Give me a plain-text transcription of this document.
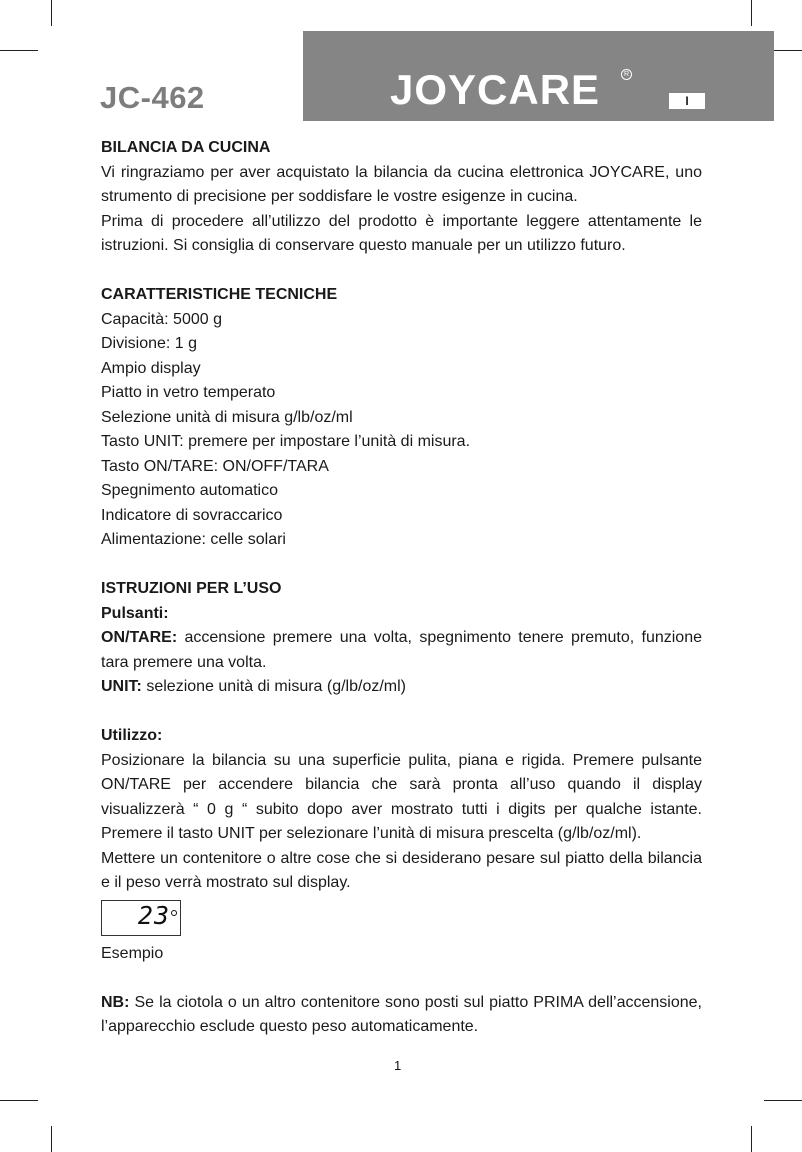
JC-462	JOYCARE	R
I

BILANCIA DA CUCINA

Vi ringraziamo per aver acquistato la bilancia da cucina elettronica JOYCARE, uno strumento di precisione per soddisfare le vostre esigenze in cucina.

Prima di procedere all’utilizzo del prodotto è importante leggere attentamente le istruzioni. Si consiglia di conservare questo manuale per un utilizzo futuro.

CARATTERISTICHE TECNICHE

Capacità: 5000 g

Divisione: 1 g

Ampio display

Piatto in vetro temperato

Selezione unità di misura g/lb/oz/ml

Tasto UNIT: premere per impostare l’unità di misura.

Tasto ON/TARE: ON/OFF/TARA

Spegnimento automatico

Indicatore di sovraccarico

Alimentazione: celle solari

ISTRUZIONI PER L’USO

Pulsanti:

ON/TARE: accensione premere una volta, spegnimento tenere premuto, funzione tara premere una volta.

UNIT: selezione unità di misura (g/lb/oz/ml)

Utilizzo:

Posizionare la bilancia su una superficie pulita, piana e rigida. Premere pulsante ON/TARE per accendere bilancia che sarà pronta all’uso quando il display visualizzerà “ 0 g “ subito dopo aver mostrato tutti i digits per qualche istante. Premere il tasto UNIT per selezionare l’unità di misura prescelta (g/lb/oz/ml).

Mettere un contenitore o altre cose che si desiderano pesare sul piatto della bilancia e il peso verrà mostrato sul display.

23

Esempio

NB: Se la ciotola o un altro contenitore sono posti sul piatto PRIMA dell’accensione, l’apparecchio esclude questo peso automaticamente.

1
